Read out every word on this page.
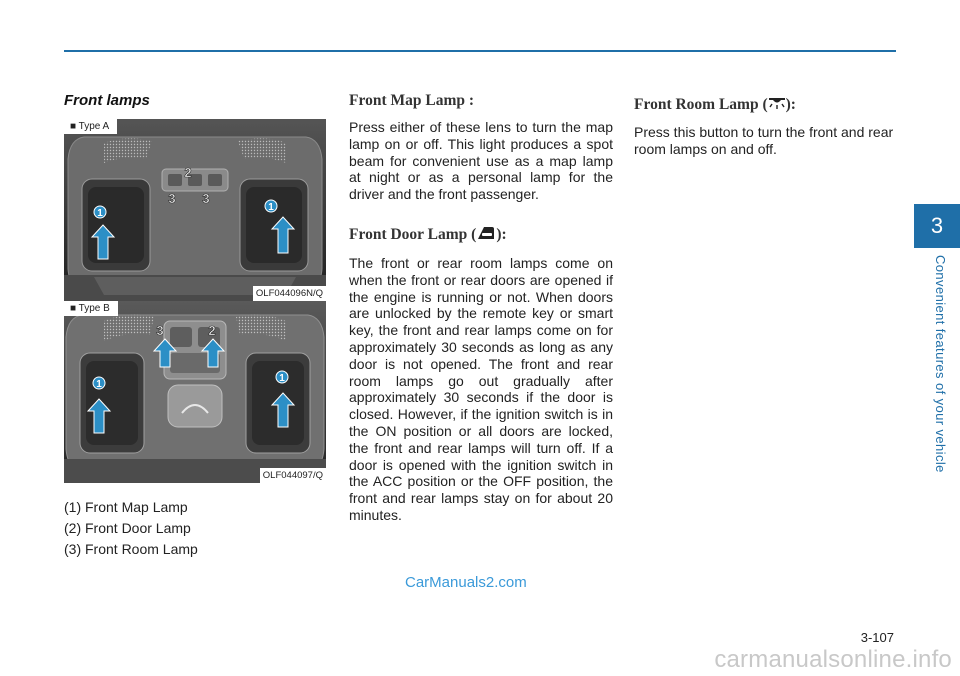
3
Convenient features of your vehicle
Front lamps
1
1
2
3 3
■ Type A
OLF044096N/Q
1
1
3	2
■ Type B
OLF044097/Q
(1) Front Map Lamp
(2) Front Door Lamp
(3) Front Room Lamp
Front Map Lamp :

Press either of these lens to turn the map lamp on or off. This light produces a spot beam for convenient use as a map lamp at night or as a personal lamp for the driver and the front passenger.

Front Door Lamp ( ):

The front or rear room lamps come on when the front or rear doors are opened if the engine is running or not. When doors are unlocked by the remote key or smart key, the front and rear lamps come on for approximately 30 seconds as long as any door is not opened. The front and rear room lamps go out gradually after approximately 30 seconds if the door is closed. However, if the ignition switch is in the ON position or all doors are locked, the front and rear lamps will turn off. If a door is opened with the ignition switch in the ACC position or the OFF position, the front and rear lamps stay on for about 20 minutes.

Front Room Lamp ( ):

Press this button to turn the front and rear room lamps on and off.

CarManuals2.com
3-107
carmanualsonline.info
